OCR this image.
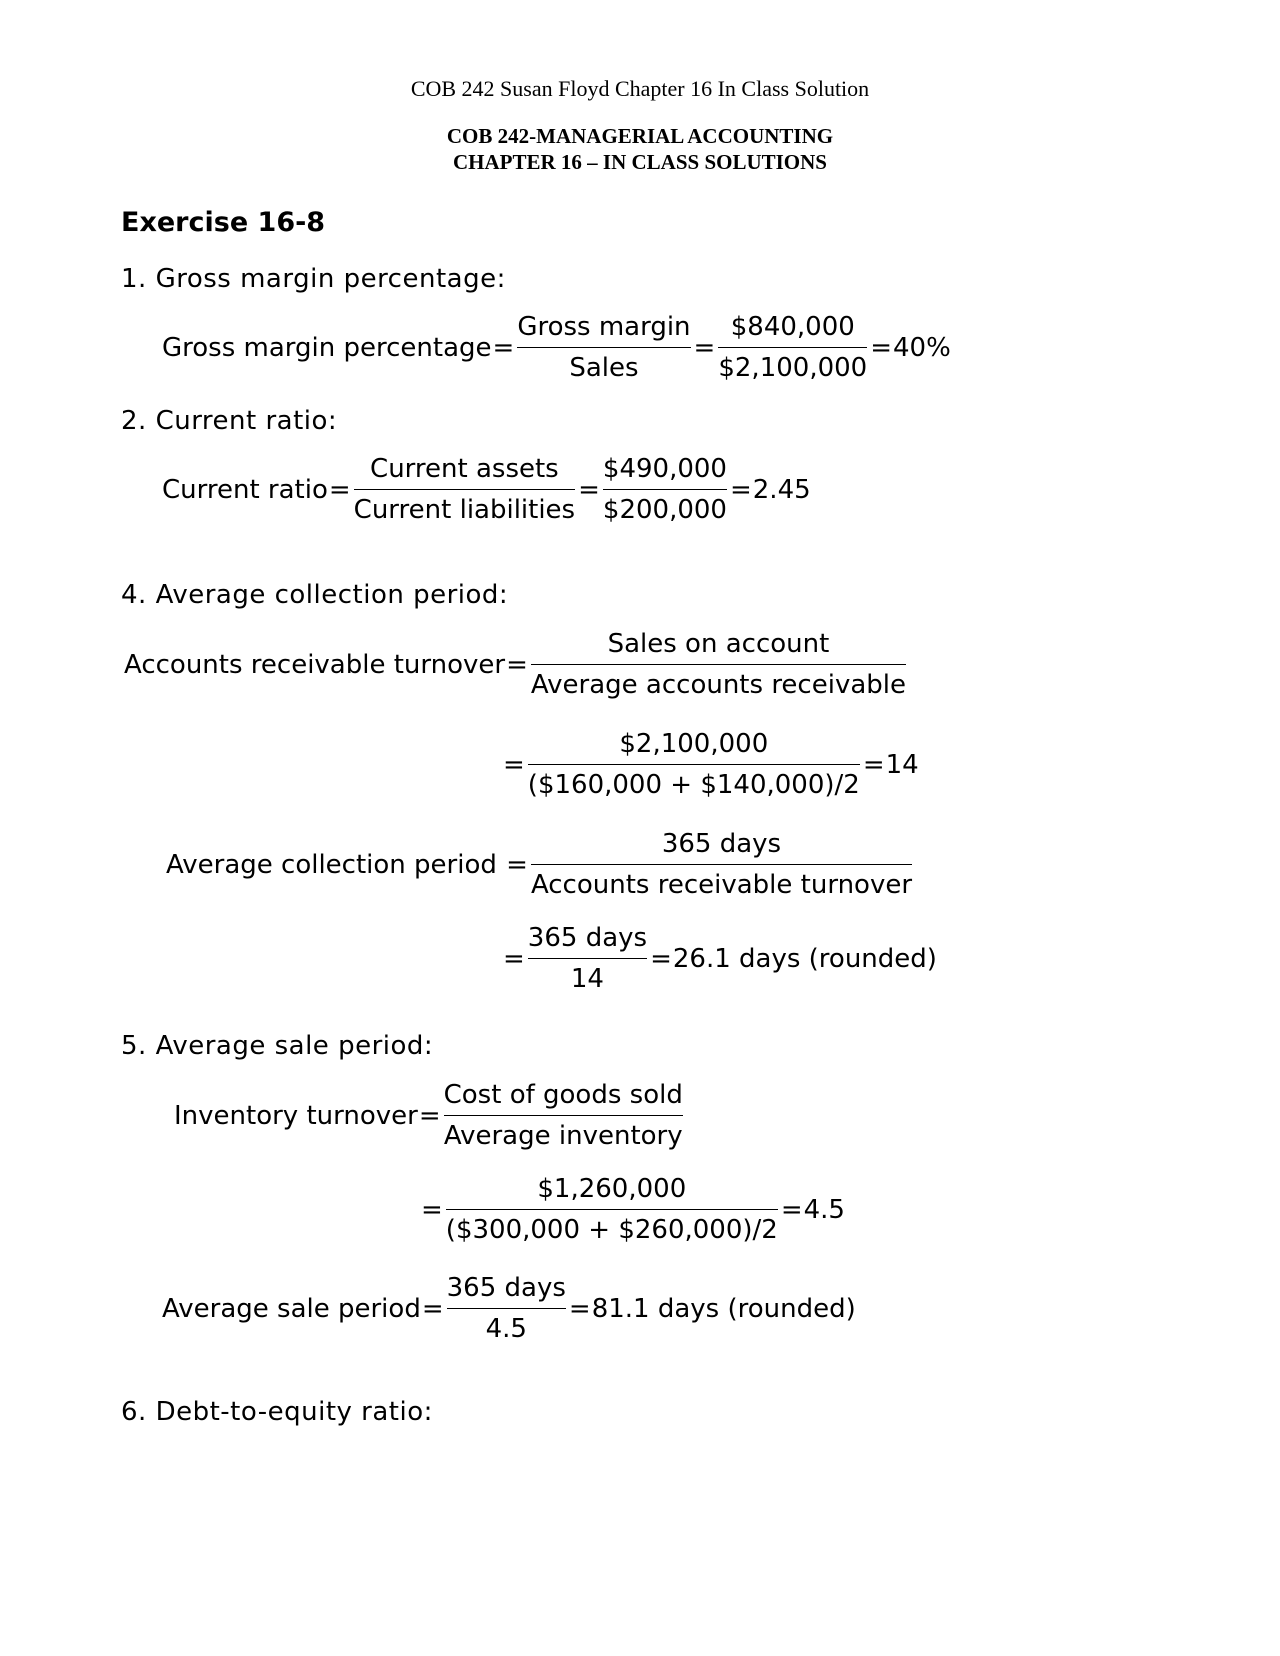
COB 242 Susan Floyd Chapter 16 In Class Solution
COB 242-MANAGERIAL ACCOUNTING
CHAPTER 16 – IN CLASS SOLUTIONS
Exercise 16-8
1. Gross margin percentage:
Gross margin percentage = $\frac{\text{Gross margin}}{\text{Sales}} = \frac{\$840,000}{\$2,100,000} = 40\%$
2. Current ratio:
Current ratio = $\frac{\text{Current assets}}{\text{Current liabilities}} = \frac{\$490,000}{\$200,000} = 2.45$
4. Average collection period:
Accounts receivable turnover = $\frac{\text{Sales on account}}{\text{Average accounts receivable}}$
= $\frac{\$2,100,000}{(\$160,000 + \$140,000)/2} = 14$
Average collection period = $\frac{\text{365 days}}{\text{Accounts receivable turnover}}$
= $\frac{\text{365 days}}{14} = 26.1$ days (rounded)
5. Average sale period:
Inventory turnover = $\frac{\text{Cost of goods sold}}{\text{Average inventory}}$
= $\frac{\$1,260,000}{(\$300,000 + \$260,000)/2} = 4.5$
Average sale period = $\frac{\text{365 days}}{4.5} = 81.1$ days (rounded)
6. Debt-to-equity ratio:
